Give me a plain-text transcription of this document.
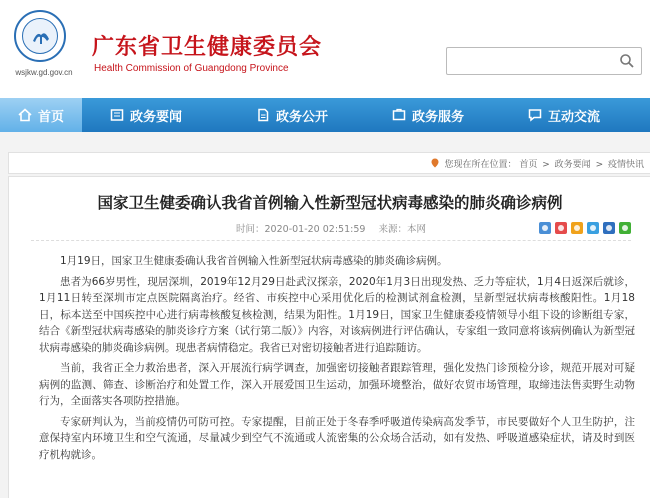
wsjkw.gd.gov.cn
广东省卫生健康委员会
Health Commission of Guangdong Province
首页	政务要闻	政务公开	政务服务	互动交流
您现在所在位置： 首页 > 政务要闻 > 疫情快讯
国家卫生健委确认我省首例输入性新型冠状病毒感染的肺炎确诊病例
时间：2020-01-20 02:51:59 来源：本网

1月19日，国家卫生健康委确认我省首例输入性新型冠状病毒感染的肺炎确诊病例。

患者为66岁男性，现居深圳，2019年12月29日赴武汉探亲，2020年1月3日出现发热、乏力等症状，1月4日返深后就诊，1月11日转至深圳市定点医院隔离治疗。经省、市疾控中心采用优化后的检测试剂盒检测，呈新型冠状病毒核酸阳性。1月18日，标本送至中国疾控中心进行病毒核酸复核检测，结果为阳性。1月19日，国家卫生健康委疫情领导小组下设的诊断组专家，结合《新型冠状病毒感染的肺炎诊疗方案（试行第二版）》内容，对该病例进行评估确认，专家组一致同意将该病例确认为新型冠状病毒感染的肺炎确诊病例。现患者病情稳定。我省已对密切接触者进行追踪随访。

当前，我省正全力救治患者，深入开展流行病学调查，加强密切接触者跟踪管理，强化发热门诊预检分诊，规范开展对可疑病例的监测、筛查、诊断治疗和处置工作，深入开展爱国卫生运动，加强环境整治，做好农贸市场管理，取缔违法售卖野生动物行为，全面落实各项防控措施。

专家研判认为，当前疫情仍可防可控。专家提醒，目前正处于冬春季呼吸道传染病高发季节，市民要做好个人卫生防护，注意保持室内环境卫生和空气流通，尽量减少到空气不流通或人流密集的公众场合活动，如有发热、呼吸道感染症状，请及时到医疗机构就诊。
